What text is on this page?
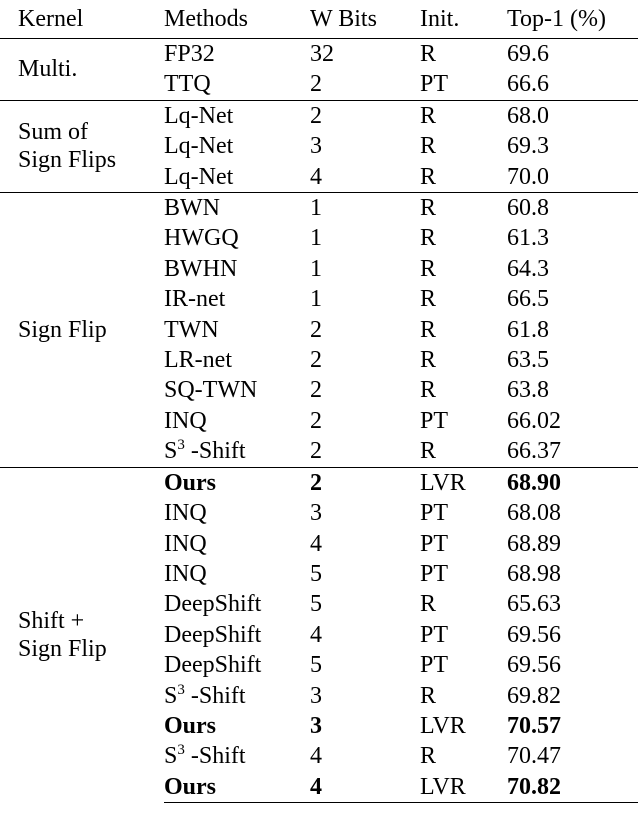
Kernel	Methods	W Bits	Init.	Top-1 (%)
Multi.	FP32	32	R	69.6
	TTQ	2	PT	66.6
Sum of
Sign Flips	Lq-Net	2	R	68.0
	Lq-Net	3	R	69.3
	Lq-Net	4	R	70.0
Sign Flip	BWN	1	R	60.8
	HWGQ	1	R	61.3
	BWHN	1	R	64.3
	IR-net	1	R	66.5
	TWN	2	R	61.8
	LR-net	2	R	63.5
	SQ-TWN	2	R	63.8
	INQ	2	PT	66.02
	$S^3$ -Shift	2	R	66.37
Shift +
Sign Flip	Ours	2	LVR	68.90
	INQ	3	PT	68.08
	INQ	4	PT	68.89
	INQ	5	PT	68.98
	DeepShift	5	R	65.63
	DeepShift	4	PT	69.56
	DeepShift	5	PT	69.56
	$S^3$ -Shift	3	R	69.82
	Ours	3	LVR	70.57
	$S^3$ -Shift	4	R	70.47
	Ours	4	LVR	70.82
